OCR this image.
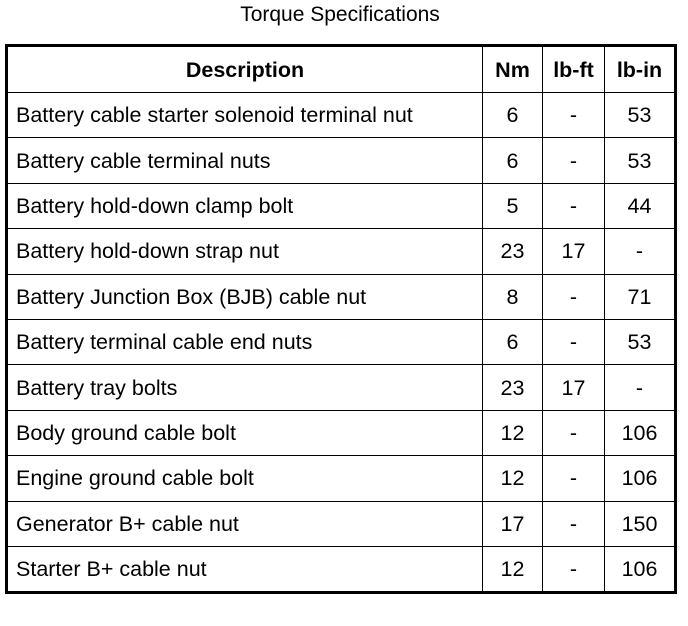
Torque Specifications
Description	Nm	lb-ft	lb-in
Battery cable starter solenoid terminal nut	6	-	53
Battery cable terminal nuts	6	-	53
Battery hold-down clamp bolt	5	-	44
Battery hold-down strap nut	23	17	-
Battery Junction Box (BJB) cable nut	8	-	71
Battery terminal cable end nuts	6	-	53
Battery tray bolts	23	17	-
Body ground cable bolt	12	-	106
Engine ground cable bolt	12	-	106
Generator B+ cable nut	17	-	150
Starter B+ cable nut	12	-	106
